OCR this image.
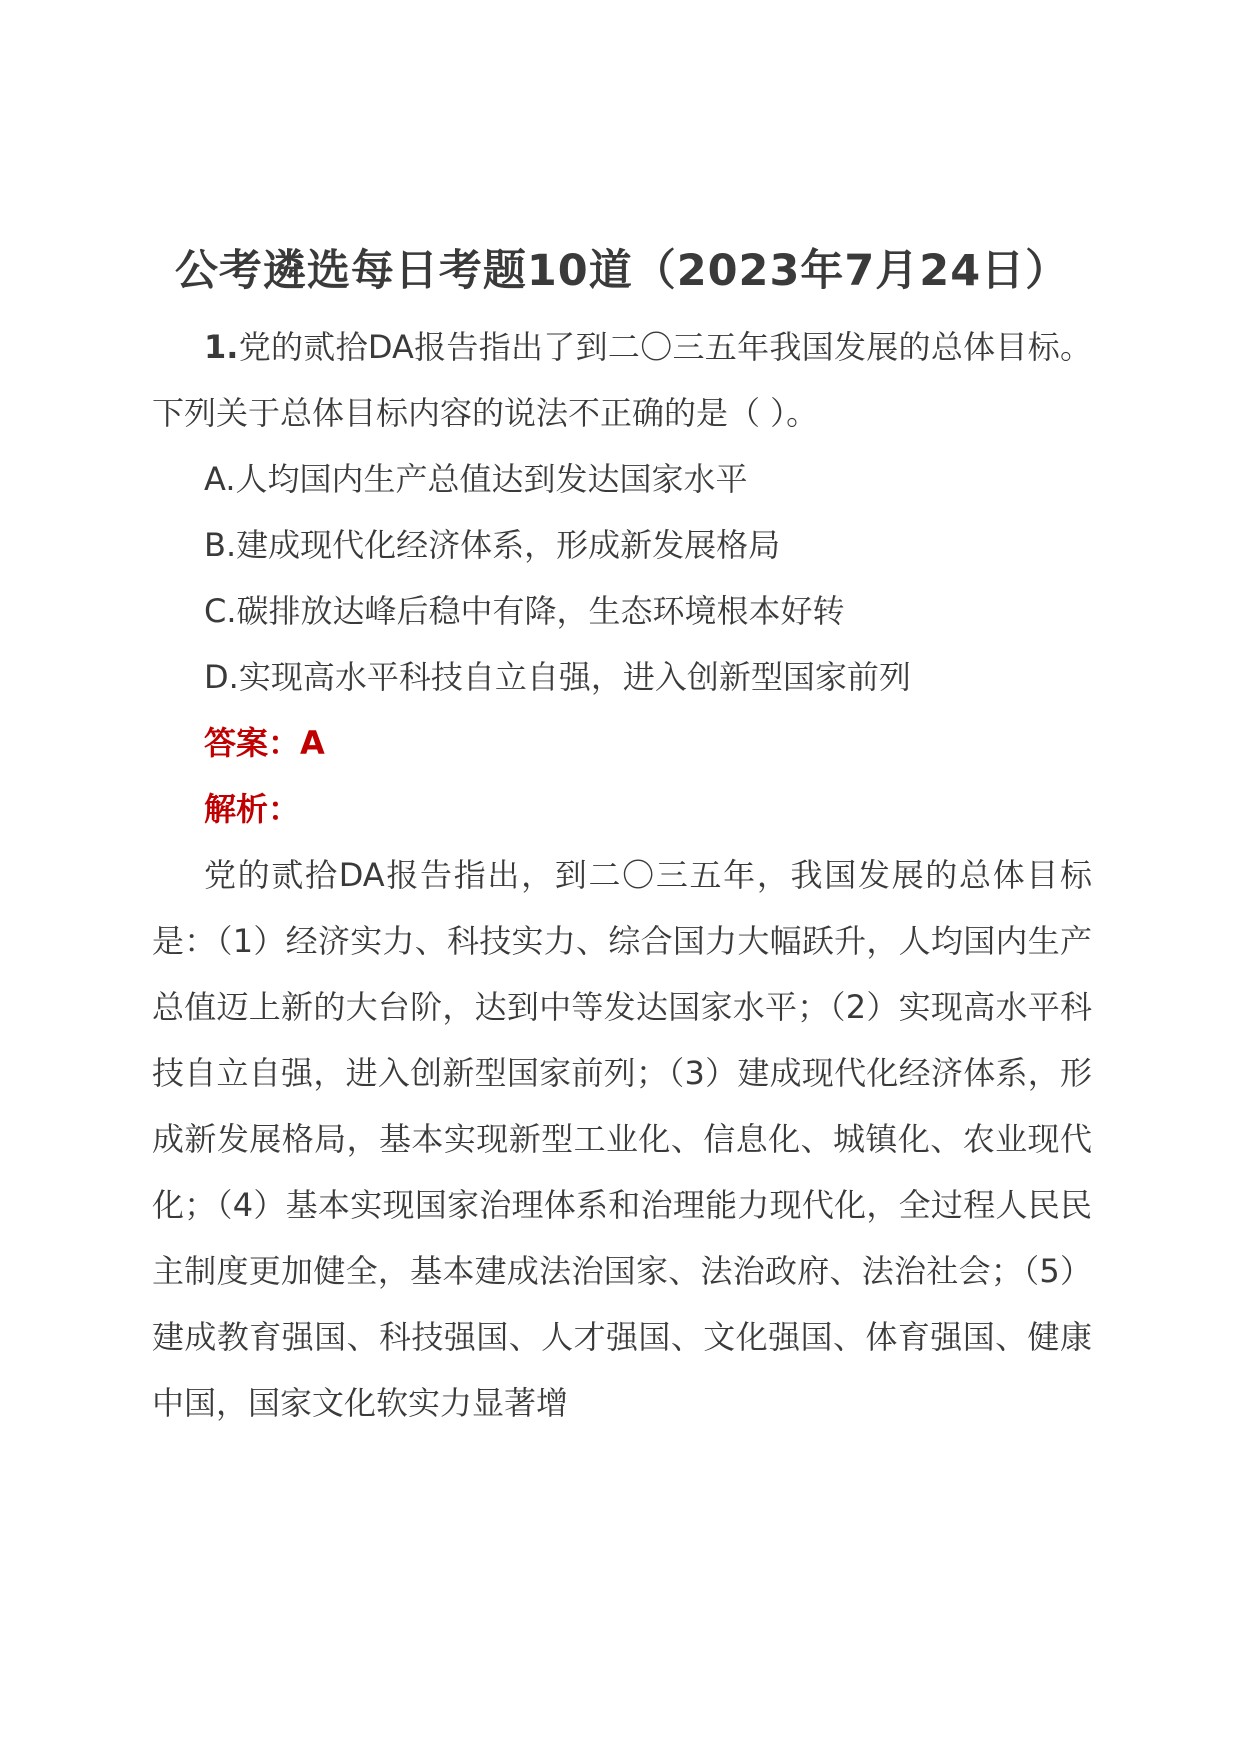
公考遴选每日考题10道（2023年7月24日）

1.党的贰拾DA报告指出了到二〇三五年我国发展的总体目标。下列关于总体目标内容的说法不正确的是（ ）。

A.人均国内生产总值达到发达国家水平

B.建成现代化经济体系，形成新发展格局

C.碳排放达峰后稳中有降，生态环境根本好转

D.实现高水平科技自立自强，进入创新型国家前列

答案：A

解析：

党的贰拾DA报告指出，到二〇三五年，我国发展的总体目标是：（1）经济实力、科技实力、综合国力大幅跃升，人均国内生产总值迈上新的大台阶，达到中等发达国家水平；（2）实现高水平科技自立自强，进入创新型国家前列；（3）建成现代化经济体系，形成新发展格局，基本实现新型工业化、信息化、城镇化、农业现代化；（4）基本实现国家治理体系和治理能力现代化，全过程人民民主制度更加健全，基本建成法治国家、法治政府、法治社会；（5）建成教育强国、科技强国、人才强国、文化强国、体育强国、健康中国，国家文化软实力显著增
